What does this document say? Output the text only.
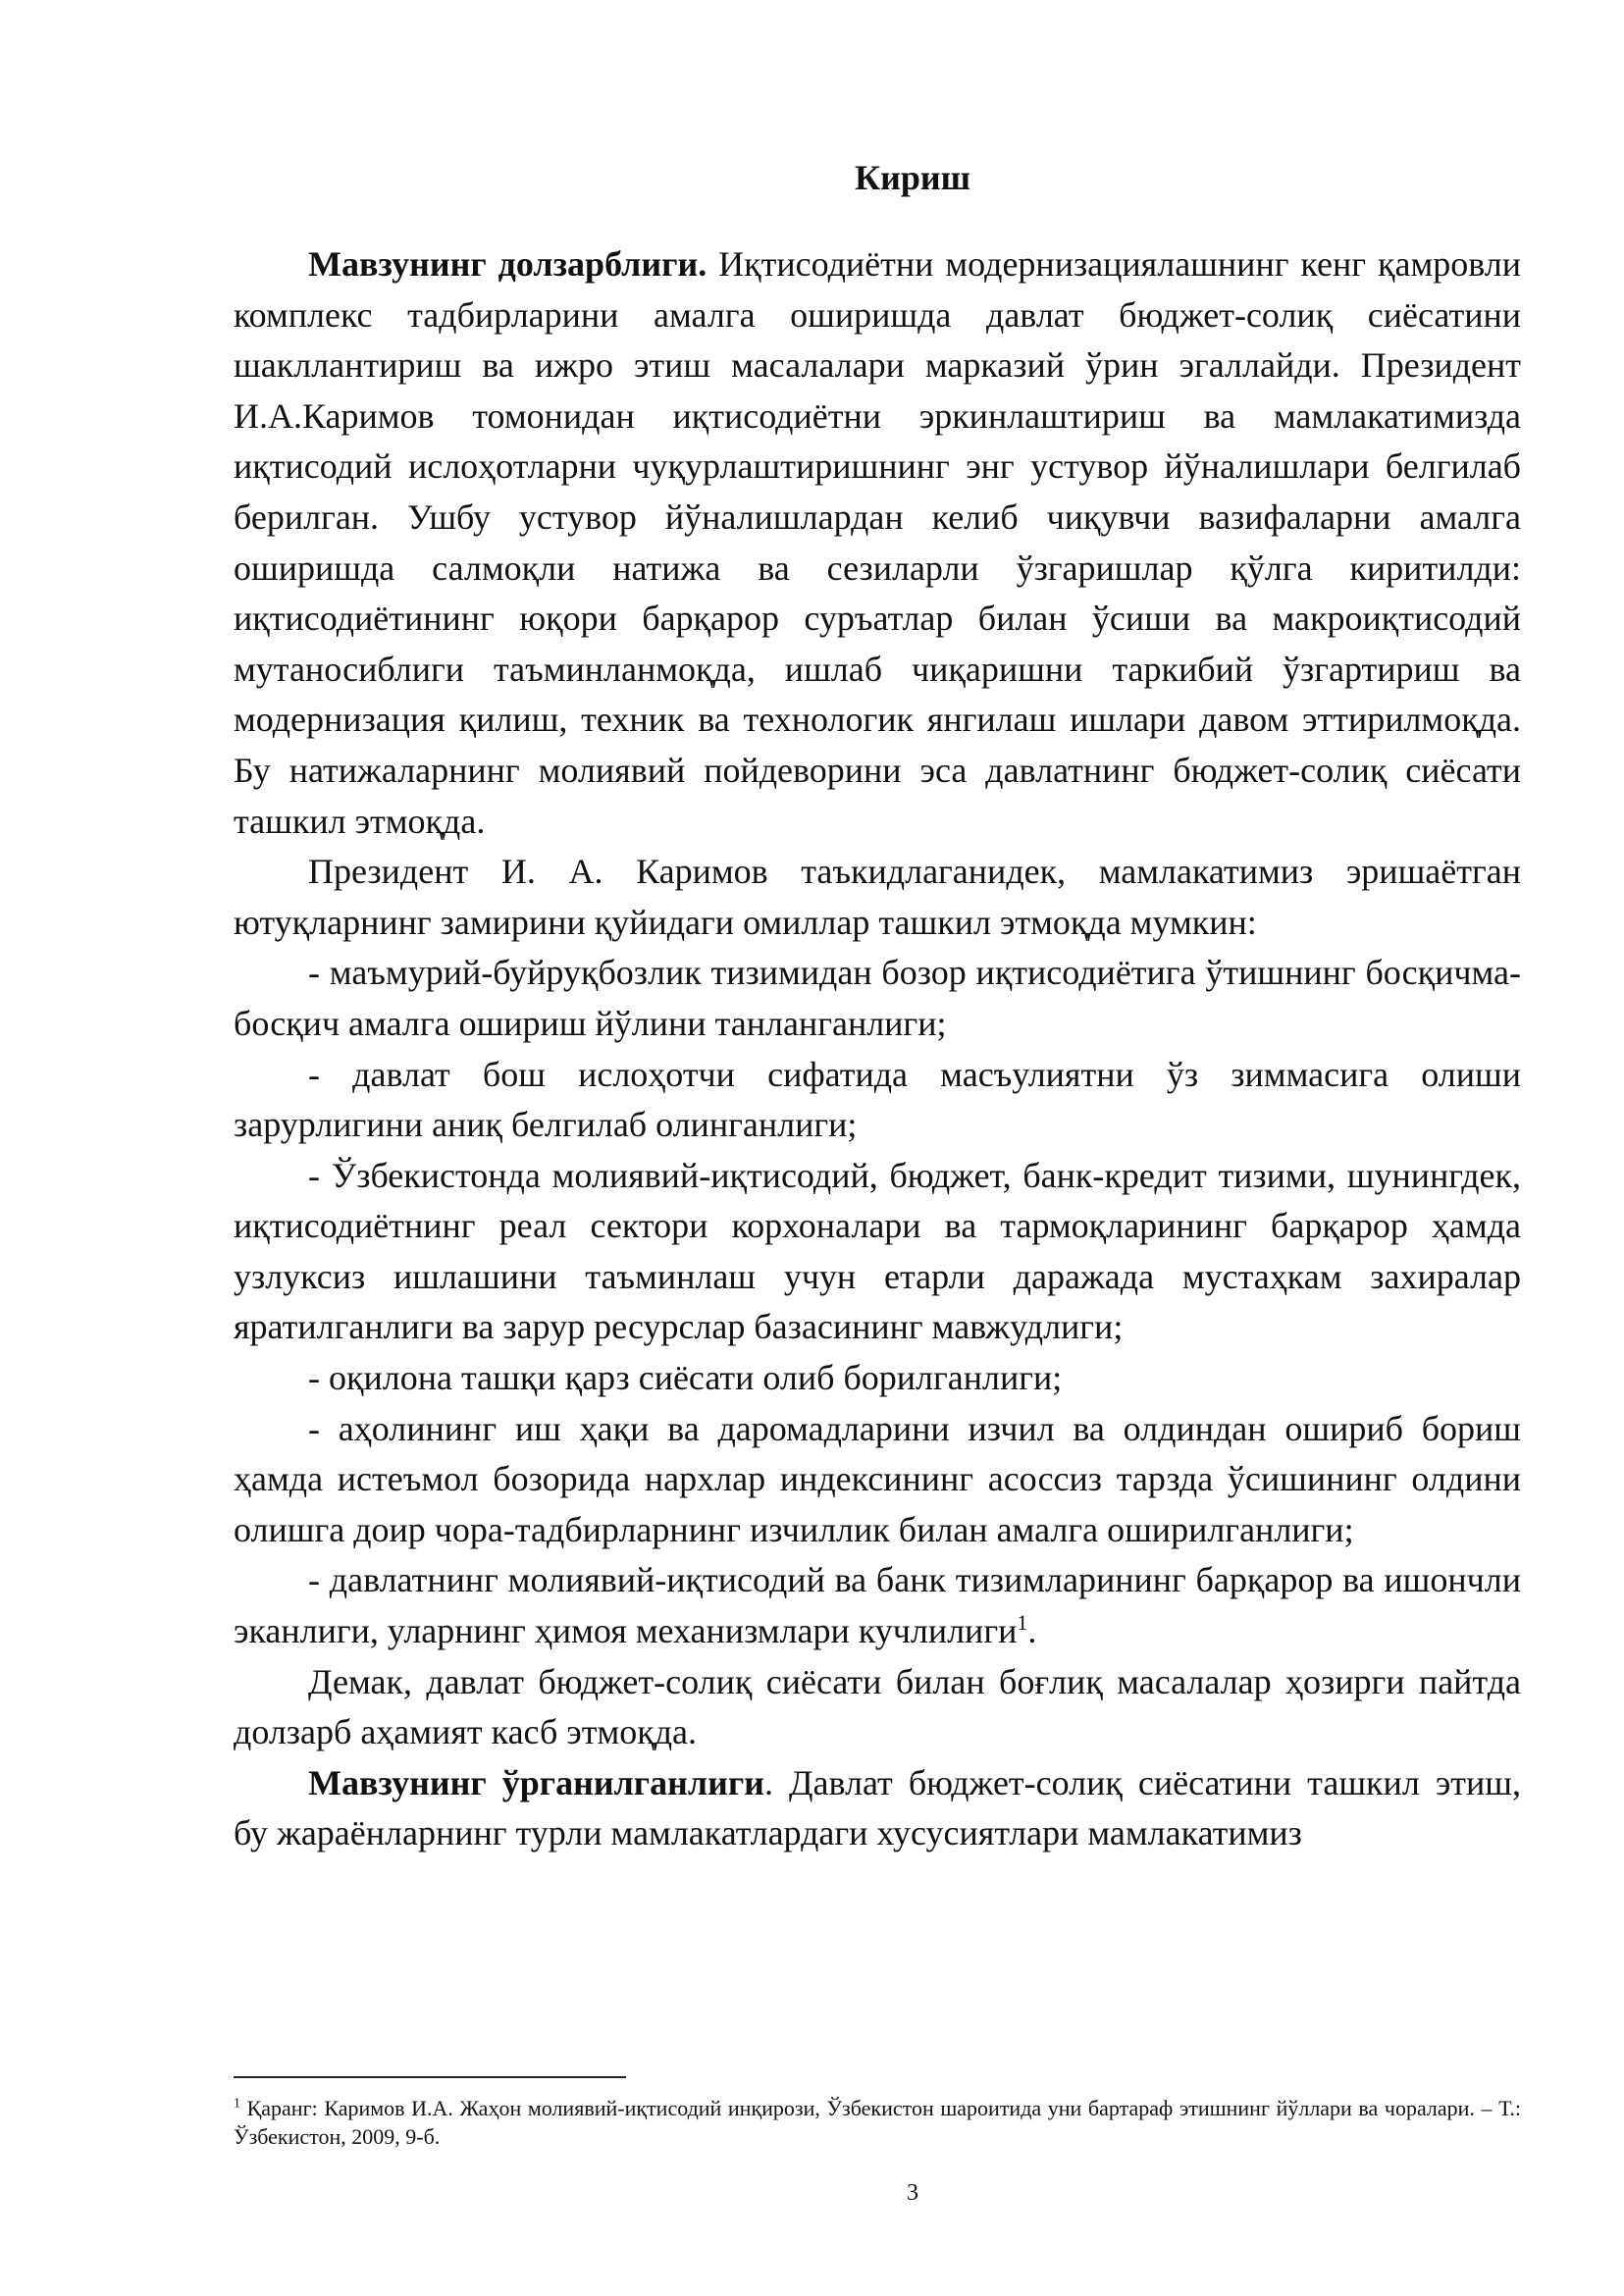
Кириш

Мавзунинг долзарблиги. Иқтисодиётни модернизациялашнинг кенг қамровли комплекс тадбирларини амалга оширишда давлат бюджет-солиқ сиёсатини шакллантириш ва ижро этиш масалалари марказий ўрин эгаллайди. Президент И.А.Каримов томонидан иқтисодиётни эркинлаштириш ва мамлакатимизда иқтисодий ислоҳотларни чуқурлаштиришнинг энг устувор йўналишлари белгилаб берилган. Ушбу устувор йўналишлардан келиб чиқувчи вазифаларни амалга оширишда салмоқли натижа ва сезиларли ўзгаришлар қўлга киритилди: иқтисодиётининг юқори барқарор суръатлар билан ўсиши ва макроиқтисодий мутаносиблиги таъминланмоқда, ишлаб чиқаришни таркибий ўзгартириш ва модернизация қилиш, техник ва технологик янгилаш ишлари давом эттирилмоқда. Бу натижаларнинг молиявий пойдеворини эса давлатнинг бюджет-солиқ сиёсати ташкил этмоқда.

Президент И. А. Каримов таъкидлаганидек, мамлакатимиз эришаётган ютуқларнинг замирини қуйидаги омиллар ташкил этмоқда мумкин:

- маъмурий-буйруқбозлик тизимидан бозор иқтисодиётига ўтишнинг босқичма-босқич амалга ошириш йўлини танланганлиги;

- давлат бош ислоҳотчи сифатида масъулиятни ўз зиммасига олиши зарурлигини аниқ белгилаб олинганлиги;

- Ўзбекистонда молиявий-иқтисодий, бюджет, банк-кредит тизими, шунингдек, иқтисодиётнинг реал сектори корхоналари ва тармоқларининг барқарор ҳамда узлуксиз ишлашини таъминлаш учун етарли даражада мустаҳкам захиралар яратилганлиги ва зарур ресурслар базасининг мавжудлиги;

- оқилона ташқи қарз сиёсати олиб борилганлиги;

- аҳолининг иш ҳақи ва даромадларини изчил ва олдиндан ошириб бориш ҳамда истеъмол бозорида нархлар индексининг асоссиз тарзда ўсишининг олдини олишга доир чора-тадбирларнинг изчиллик билан амалга оширилганлиги;

- давлатнинг молиявий-иқтисодий ва банк тизимларининг барқарор ва ишончли эканлиги, уларнинг ҳимоя механизмлари кучлилиги$^1$.

Демак, давлат бюджет-солиқ сиёсати билан боғлиқ масалалар ҳозирги пайтда долзарб аҳамият касб этмоқда.

Мавзунинг ўрганилганлиги. Давлат бюджет-солиқ сиёсатини ташкил этиш, бу жараёнларнинг турли мамлакатлардаги хусусиятлари мамлакатимиз

$^1$ Қаранг: Каримов И.А. Жаҳон молиявий-иқтисодий инқирози, Ўзбекистон шароитида уни бартараф этишнинг йўллари ва чоралари. – Т.: Ўзбекистон, 2009, 9-б.
3
